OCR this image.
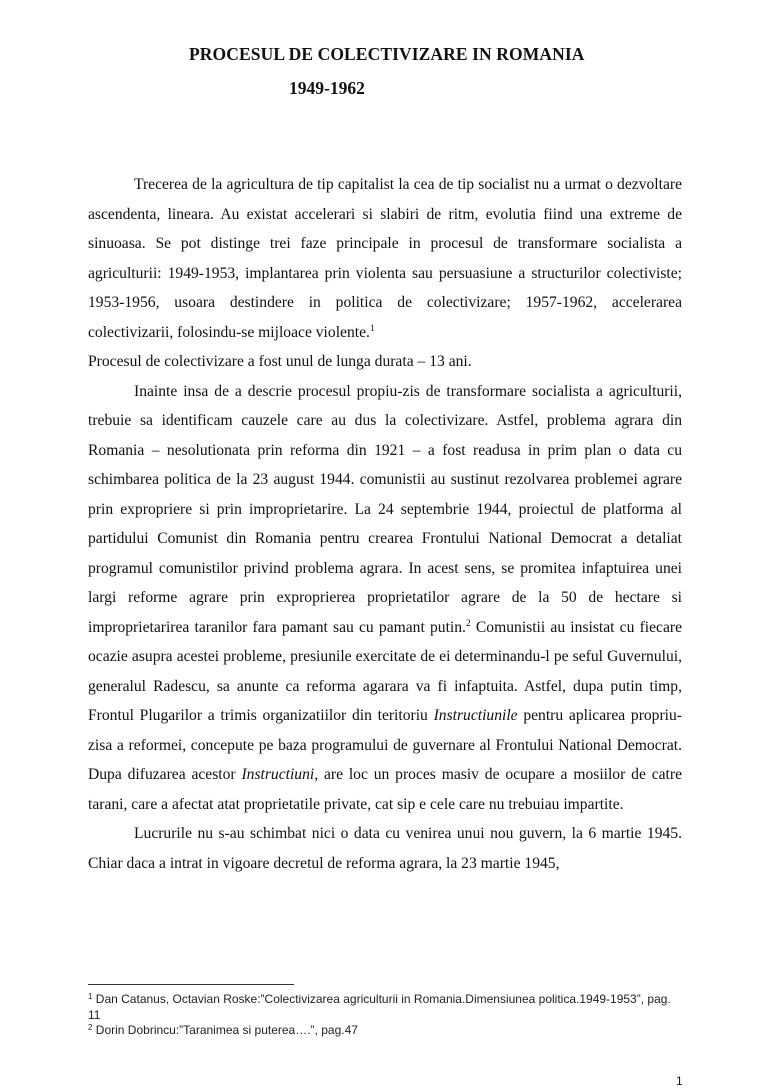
PROCESUL DE COLECTIVIZARE IN ROMANIA
1949-1962

Trecerea de la agricultura de tip capitalist la cea de tip socialist nu a urmat o dezvoltare ascendenta, lineara. Au existat accelerari si slabiri de ritm, evolutia fiind una extreme de sinuoasa. Se pot distinge trei faze principale in procesul de transformare socialista a agriculturii: 1949-1953, implantarea prin violenta sau persuasiune a structurilor colectiviste; 1953-1956, usoara destindere in politica de colectivizare; 1957-1962, accelerarea colectivizarii, folosindu-se mijloace violente.$^1$
Procesul de colectivizare a fost unul de lunga durata – 13 ani.

Inainte insa de a descrie procesul propiu-zis de transformare socialista a agriculturii, trebuie sa identificam cauzele care au dus la colectivizare. Astfel, problema agrara din Romania – nesolutionata prin reforma din 1921 – a fost readusa in prim plan o data cu schimbarea politica de la 23 august 1944. comunistii au sustinut rezolvarea problemei agrare prin expropriere si prin improprietarire. La 24 septembrie 1944, proiectul de platforma al partidului Comunist din Romania pentru crearea Frontului National Democrat a detaliat programul comunistilor privind problema agrara. In acest sens, se promitea infaptuirea unei largi reforme agrare prin exproprierea proprietatilor agrare de la 50 de hectare si improprietarirea taranilor fara pamant sau cu pamant putin.$^2$ Comunistii au insistat cu fiecare ocazie asupra acestei probleme, presiunile exercitate de ei determinandu-l pe seful Guvernului, generalul Radescu, sa anunte ca reforma agarara va fi infaptuita. Astfel, dupa putin timp, Frontul Plugarilor a trimis organizatiilor din teritoriu Instructiunile pentru aplicarea propriu-zisa a reformei, concepute pe baza programului de guvernare al Frontului National Democrat. Dupa difuzarea acestor Instructiuni, are loc un proces masiv de ocupare a mosiilor de catre tarani, care a afectat atat proprietatile private, cat sip e cele care nu trebuiau impartite.

Lucrurile nu s-au schimbat nici o data cu venirea unui nou guvern, la 6 martie 1945. Chiar daca a intrat in vigoare decretul de reforma agrara, la 23 martie 1945,

$^1$ Dan Catanus, Octavian Roske:”Colectivizarea agriculturii in Romania.Dimensiunea politica.1949-1953”, pag. 11

$^2$ Dorin Dobrincu:”Taranimea si puterea….”, pag.47

1
